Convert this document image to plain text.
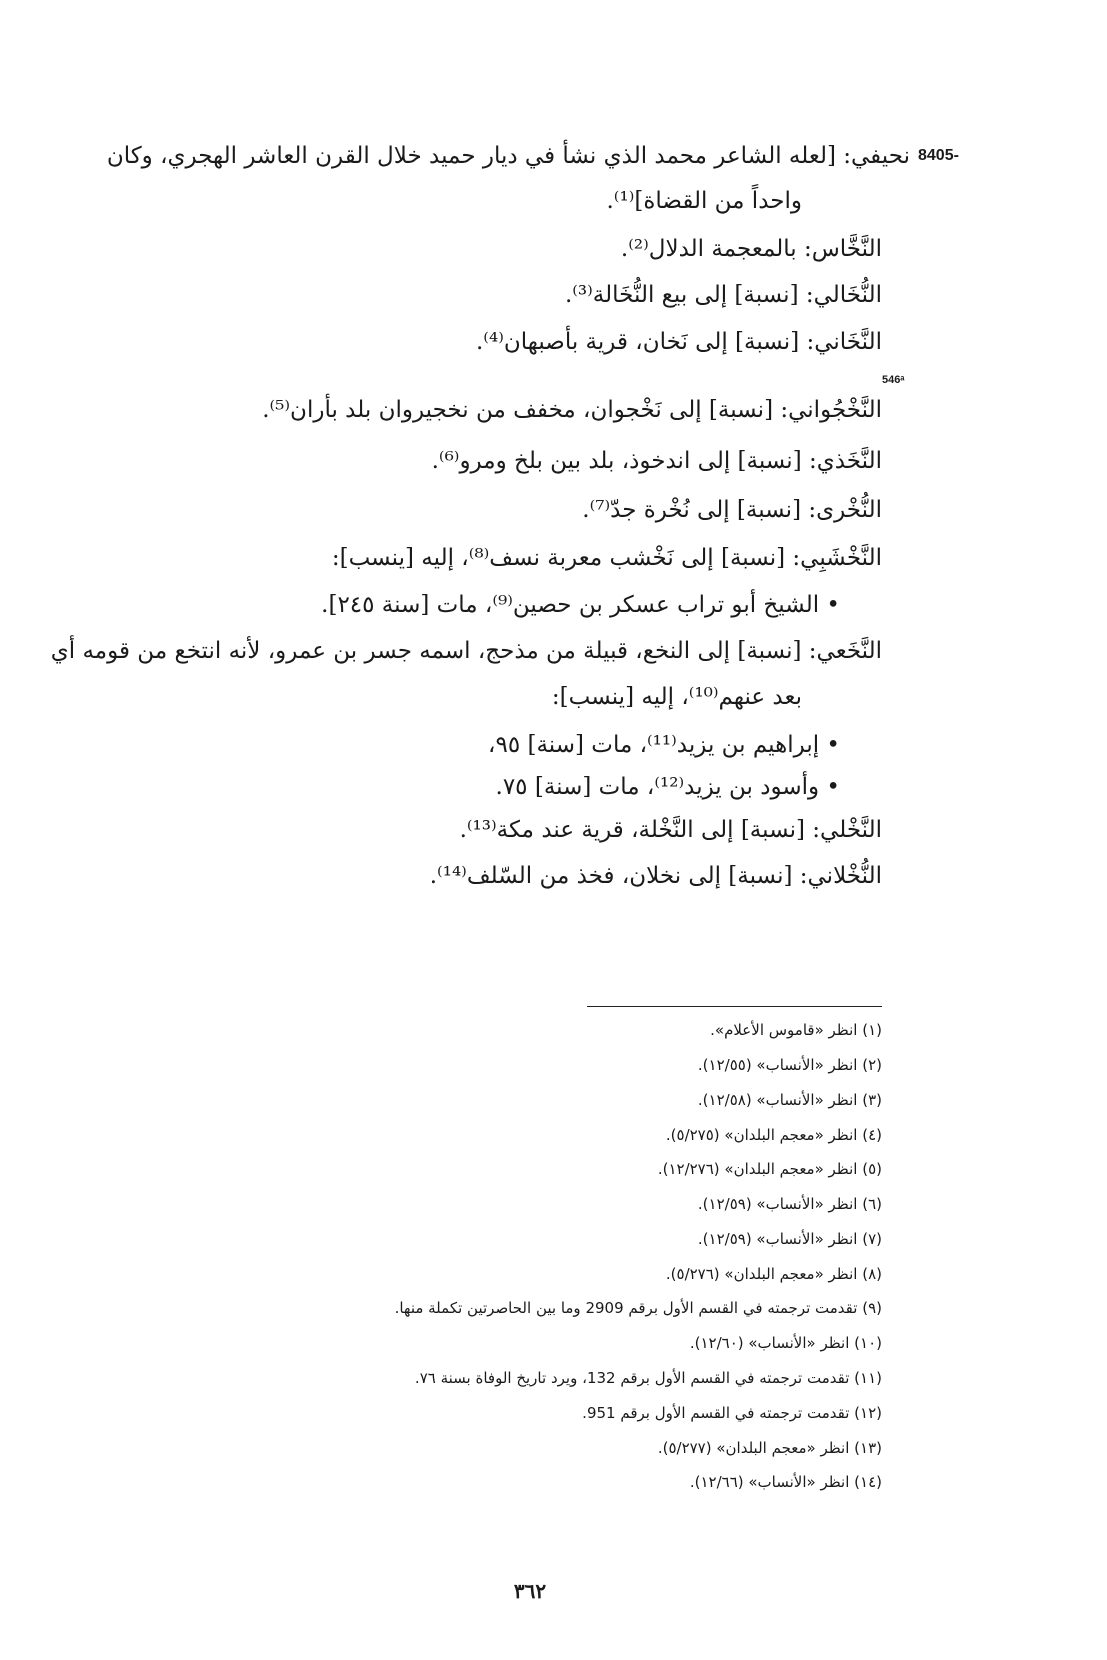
8405-
نحيفي: [لعله الشاعر محمد الذي نشأ في ديار حميد خلال القرن العاشر الهجري، وكان
واحداً من القضاة]⁽¹⁾.
النَّخَّاس: بالمعجمة الدلال⁽²⁾.
النُّخَالي: [نسبة] إلى بيع النُّخَالة⁽³⁾.
النَّخَاني: [نسبة] إلى نَخان، قرية بأصبهان⁽⁴⁾.
546ᵃ
النَّخْجُواني: [نسبة] إلى نَخْجوان، مخفف من نخجيروان بلد بأران⁽⁵⁾.
النَّخَذي: [نسبة] إلى اندخوذ، بلد بين بلخ ومرو⁽⁶⁾.
النُّخْرى: [نسبة] إلى نُخْرة جدّ⁽⁷⁾.
النَّخْشَبِي: [نسبة] إلى نَخْشب معربة نسف⁽⁸⁾، إليه [ينسب]:
• الشيخ أبو تراب عسكر بن حصين⁽⁹⁾، مات [سنة ٢٤٥].
النَّخَعي: [نسبة] إلى النخع، قبيلة من مذحج، اسمه جسر بن عمرو، لأنه انتخع من قومه أي
بعد عنهم⁽¹⁰⁾، إليه [ينسب]:
• إبراهيم بن يزيد⁽¹¹⁾، مات [سنة] ٩٥،
• وأسود بن يزيد⁽¹²⁾، مات [سنة] ٧٥.
النَّخْلي: [نسبة] إلى النَّخْلة، قرية عند مكة⁽¹³⁾.
النُّخْلاني: [نسبة] إلى نخلان، فخذ من السّلف⁽¹⁴⁾.
(١) انظر «قاموس الأعلام».
(٢) انظر «الأنساب» (١٢/٥٥).
(٣) انظر «الأنساب» (١٢/٥٨).
(٤) انظر «معجم البلدان» (٥/٢٧٥).
(٥) انظر «معجم البلدان» (١٢/٢٧٦).
(٦) انظر «الأنساب» (١٢/٥٩).
(٧) انظر «الأنساب» (١٢/٥٩).
(٨) انظر «معجم البلدان» (٥/٢٧٦).
(٩) تقدمت ترجمته في القسم الأول برقم 2909 وما بين الحاصرتين تكملة منها.
(١٠) انظر «الأنساب» (١٢/٦٠).
(١١) تقدمت ترجمته في القسم الأول برقم 132، ويرد تاريخ الوفاة بسنة ٧٦.
(١٢) تقدمت ترجمته في القسم الأول برقم 951.
(١٣) انظر «معجم البلدان» (٥/٢٧٧).
(١٤) انظر «الأنساب» (١٢/٦٦).
٣٦٢
